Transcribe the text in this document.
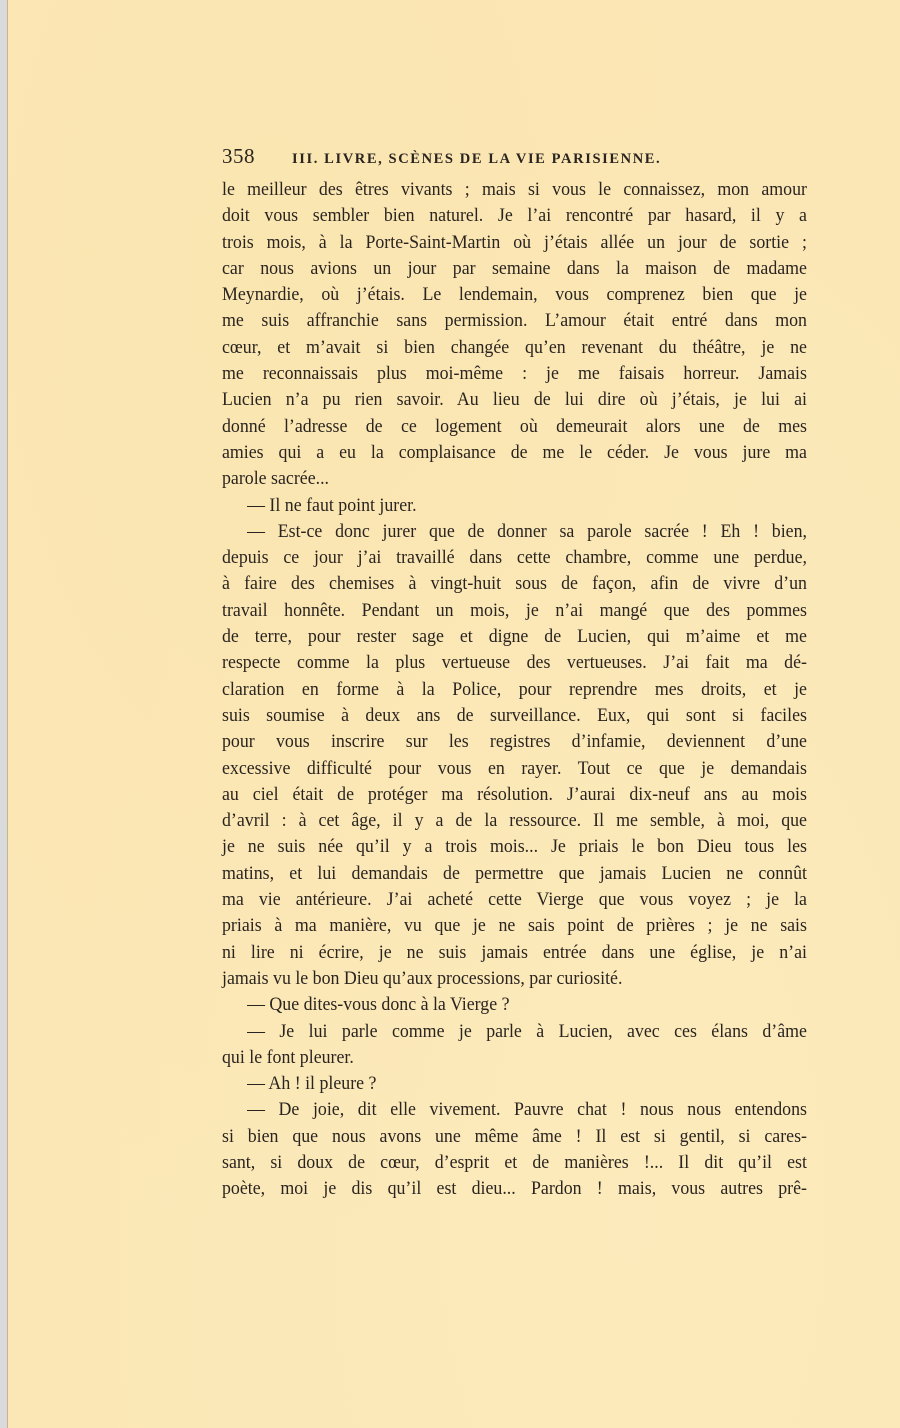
358	III. LIVRE, SCÈNES DE LA VIE PARISIENNE.
le meilleur des êtres vivants ; mais si vous le connaissez, mon amour
doit vous sembler bien naturel. Je l’ai rencontré par hasard, il y a
trois mois, à la Porte-Saint-Martin où j’étais allée un jour de sortie ;
car nous avions un jour par semaine dans la maison de madame
Meynardie, où j’étais. Le lendemain, vous comprenez bien que je
me suis affranchie sans permission. L’amour était entré dans mon
cœur, et m’avait si bien changée qu’en revenant du théâtre, je ne
me reconnaissais plus moi-même : je me faisais horreur. Jamais
Lucien n’a pu rien savoir. Au lieu de lui dire où j’étais, je lui ai
donné l’adresse de ce logement où demeurait alors une de mes
amies qui a eu la complaisance de me le céder. Je vous jure ma
parole sacrée...
— Il ne faut point jurer.
— Est-ce donc jurer que de donner sa parole sacrée ! Eh ! bien,
depuis ce jour j’ai travaillé dans cette chambre, comme une perdue,
à faire des chemises à vingt-huit sous de façon, afin de vivre d’un
travail honnête. Pendant un mois, je n’ai mangé que des pommes
de terre, pour rester sage et digne de Lucien, qui m’aime et me
respecte comme la plus vertueuse des vertueuses. J’ai fait ma dé-
claration en forme à la Police, pour reprendre mes droits, et je
suis soumise à deux ans de surveillance. Eux, qui sont si faciles
pour vous inscrire sur les registres d’infamie, deviennent d’une
excessive difficulté pour vous en rayer. Tout ce que je demandais
au ciel était de protéger ma résolution. J’aurai dix-neuf ans au mois
d’avril : à cet âge, il y a de la ressource. Il me semble, à moi, que
je ne suis née qu’il y a trois mois... Je priais le bon Dieu tous les
matins, et lui demandais de permettre que jamais Lucien ne connût
ma vie antérieure. J’ai acheté cette Vierge que vous voyez ; je la
priais à ma manière, vu que je ne sais point de prières ; je ne sais
ni lire ni écrire, je ne suis jamais entrée dans une église, je n’ai
jamais vu le bon Dieu qu’aux processions, par curiosité.
— Que dites-vous donc à la Vierge ?
— Je lui parle comme je parle à Lucien, avec ces élans d’âme
qui le font pleurer.
— Ah ! il pleure ?
— De joie, dit elle vivement. Pauvre chat ! nous nous entendons
si bien que nous avons une même âme ! Il est si gentil, si cares-
sant, si doux de cœur, d’esprit et de manières !... Il dit qu’il est
poète, moi je dis qu’il est dieu... Pardon ! mais, vous autres prê-
